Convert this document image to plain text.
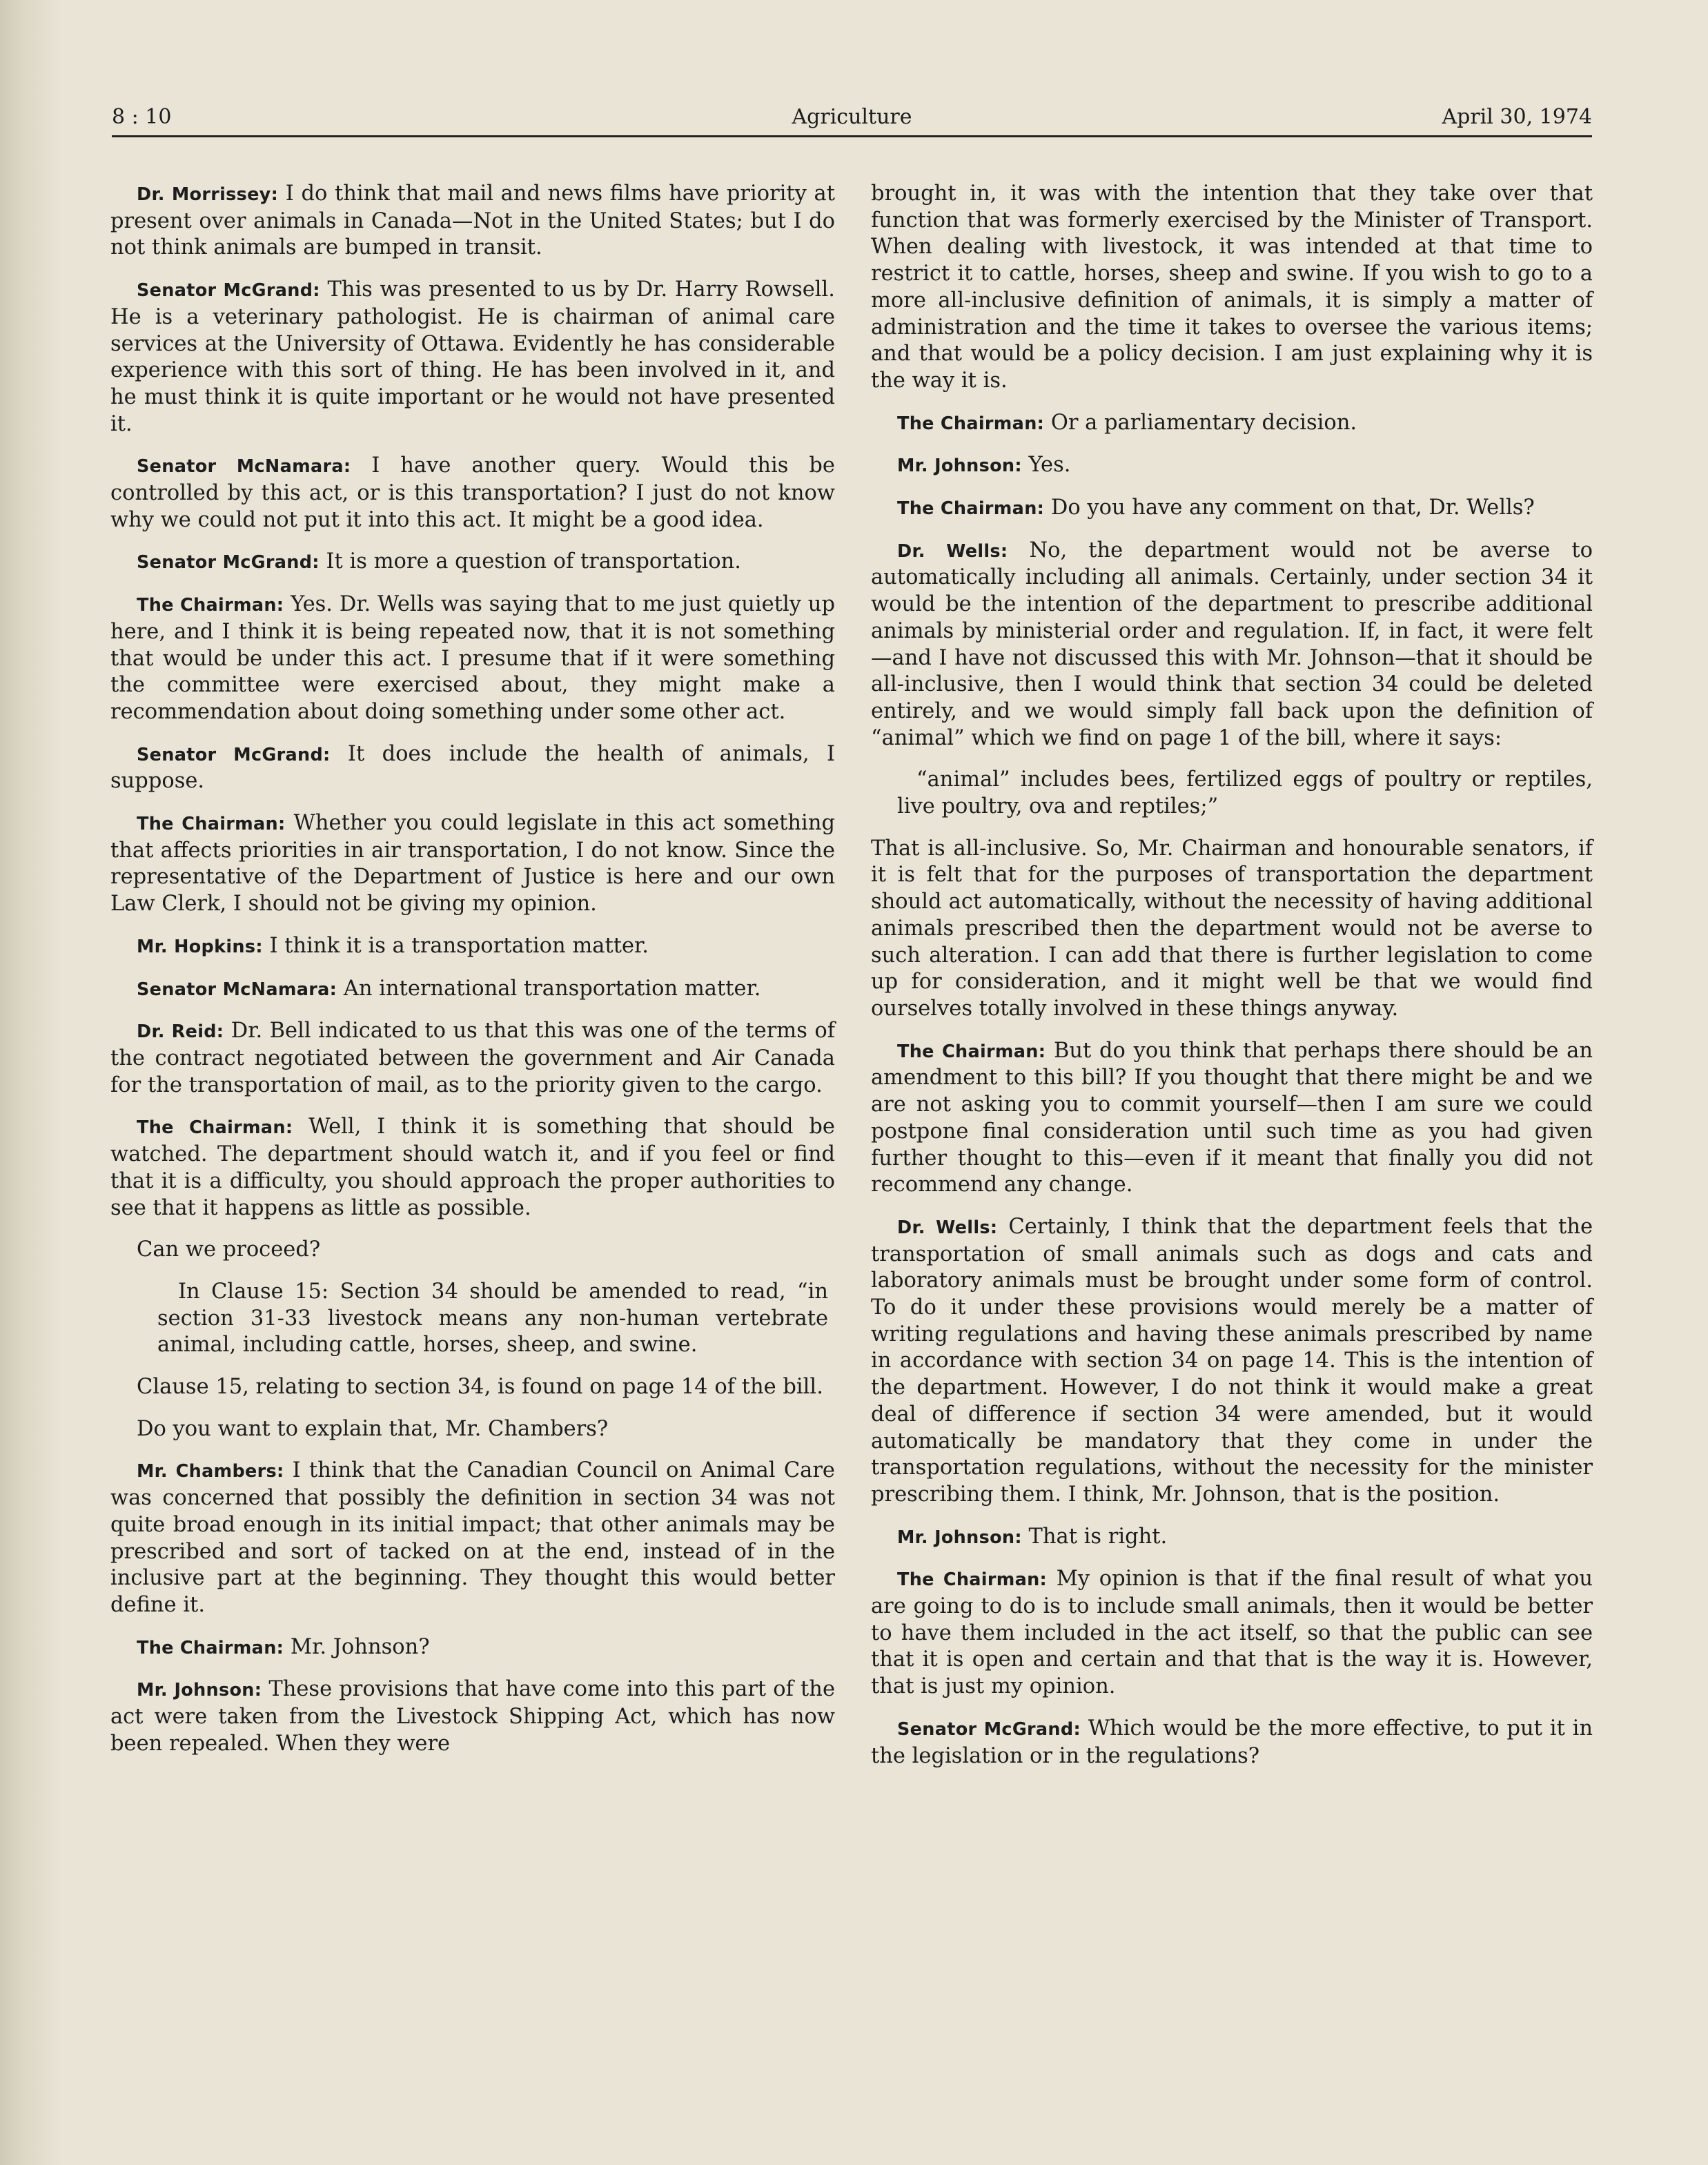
8 : 10	Agriculture	April 30, 1974

Dr. Morrissey: I do think that mail and news films have priority at present over animals in Canada—Not in the United States; but I do not think animals are bumped in transit.

Senator McGrand: This was presented to us by Dr. Harry Rowsell. He is a veterinary pathologist. He is chairman of animal care services at the University of Ottawa. Evidently he has considerable experience with this sort of thing. He has been involved in it, and he must think it is quite important or he would not have presented it.

Senator McNamara: I have another query. Would this be controlled by this act, or is this transportation? I just do not know why we could not put it into this act. It might be a good idea.

Senator McGrand: It is more a question of transportation.

The Chairman: Yes. Dr. Wells was saying that to me just quietly up here, and I think it is being repeated now, that it is not something that would be under this act. I presume that if it were something the committee were exercised about, they might make a recommendation about doing something under some other act.

Senator McGrand: It does include the health of animals, I suppose.

The Chairman: Whether you could legislate in this act something that affects priorities in air transportation, I do not know. Since the representative of the Department of Justice is here and our own Law Clerk, I should not be giving my opinion.

Mr. Hopkins: I think it is a transportation matter.

Senator McNamara: An international transportation matter.

Dr. Reid: Dr. Bell indicated to us that this was one of the terms of the contract negotiated between the government and Air Canada for the transportation of mail, as to the priority given to the cargo.

The Chairman: Well, I think it is something that should be watched. The department should watch it, and if you feel or find that it is a difficulty, you should approach the proper authorities to see that it happens as little as possible.

Can we proceed?

In Clause 15: Section 34 should be amended to read, “in section 31-33 livestock means any non-human vertebrate animal, including cattle, horses, sheep, and swine.

Clause 15, relating to section 34, is found on page 14 of the bill.

Do you want to explain that, Mr. Chambers?

Mr. Chambers: I think that the Canadian Council on Animal Care was concerned that possibly the definition in section 34 was not quite broad enough in its initial impact; that other animals may be prescribed and sort of tacked on at the end, instead of in the inclusive part at the beginning. They thought this would better define it.

The Chairman: Mr. Johnson?

Mr. Johnson: These provisions that have come into this part of the act were taken from the Livestock Shipping Act, which has now been repealed. When they were

brought in, it was with the intention that they take over that function that was formerly exercised by the Minister of Transport. When dealing with livestock, it was intended at that time to restrict it to cattle, horses, sheep and swine. If you wish to go to a more all-inclusive definition of animals, it is simply a matter of administration and the time it takes to oversee the various items; and that would be a policy decision. I am just explaining why it is the way it is.

The Chairman: Or a parliamentary decision.

Mr. Johnson: Yes.

The Chairman: Do you have any comment on that, Dr. Wells?

Dr. Wells: No, the department would not be averse to automatically including all animals. Certainly, under section 34 it would be the intention of the department to prescribe additional animals by ministerial order and regulation. If, in fact, it were felt—and I have not discussed this with Mr. Johnson—that it should be all-inclusive, then I would think that section 34 could be deleted entirely, and we would simply fall back upon the definition of “animal” which we find on page 1 of the bill, where it says:

“animal” includes bees, fertilized eggs of poultry or reptiles, live poultry, ova and reptiles;”

That is all-inclusive. So, Mr. Chairman and honourable senators, if it is felt that for the purposes of transportation the department should act automatically, without the necessity of having additional animals prescribed then the department would not be averse to such alteration. I can add that there is further legislation to come up for consideration, and it might well be that we would find ourselves totally involved in these things anyway.

The Chairman: But do you think that perhaps there should be an amendment to this bill? If you thought that there might be and we are not asking you to commit yourself—then I am sure we could postpone final consideration until such time as you had given further thought to this—even if it meant that finally you did not recommend any change.

Dr. Wells: Certainly, I think that the department feels that the transportation of small animals such as dogs and cats and laboratory animals must be brought under some form of control. To do it under these provisions would merely be a matter of writing regulations and having these animals prescribed by name in accordance with section 34 on page 14. This is the intention of the department. However, I do not think it would make a great deal of difference if section 34 were amended, but it would automatically be mandatory that they come in under the transportation regulations, without the necessity for the minister prescribing them. I think, Mr. Johnson, that is the position.

Mr. Johnson: That is right.

The Chairman: My opinion is that if the final result of what you are going to do is to include small animals, then it would be better to have them included in the act itself, so that the public can see that it is open and certain and that that is the way it is. However, that is just my opinion.

Senator McGrand: Which would be the more effective, to put it in the legislation or in the regulations?
